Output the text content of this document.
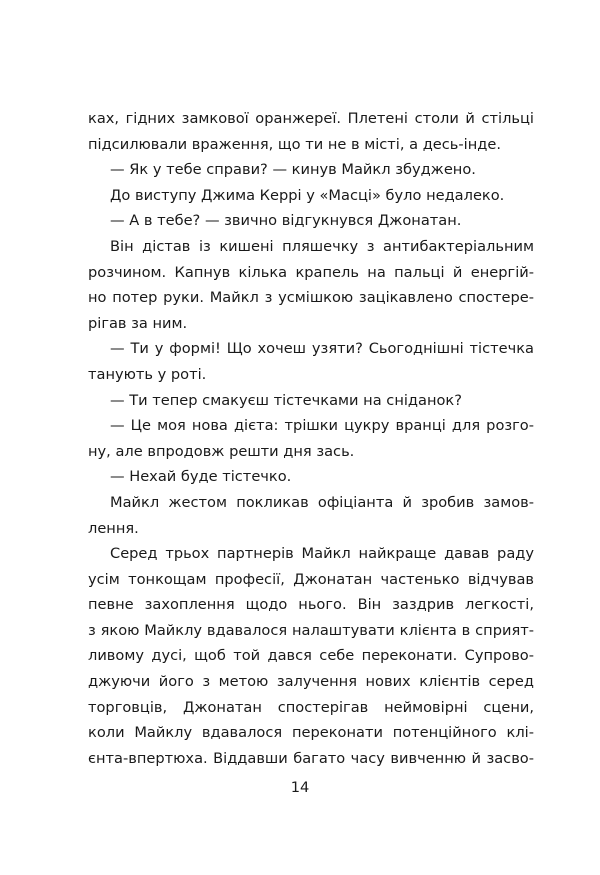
ках, гідних замкової оранжереї. Плетені столи й стільці
підсилювали враження, що ти не в місті, а десь-інде.
— Як у тебе справи? — кинув Майкл збуджено.
До виступу Джима Керрі у «Масці» було недалеко.
— А в тебе? — звично відгукнувся Джонатан.
Він дістав із кишені пляшечку з антибактеріальним
розчином. Капнув кілька крапель на пальці й енергій-
но потер руки. Майкл з усмішкою зацікавлено спостере-
рігав за ним.
— Ти у формі! Що хочеш узяти? Сьогоднішні тістечка
танують у роті.
— Ти тепер смакуєш тістечками на сніданок?
— Це моя нова дієта: трішки цукру вранці для розго-
ну, але впродовж решти дня зась.
— Нехай буде тістечко.
Майкл жестом покликав офіціанта й зробив замов-
лення.
Серед трьох партнерів Майкл найкраще давав раду
усім тонкощам професії, Джонатан частенько відчував
певне захоплення щодо нього. Він заздрив легкості,
з якою Майклу вдавалося налаштувати клієнта в сприят-
ливому дусі, щоб той дався себе переконати. Супрово-
джуючи його з метою залучення нових клієнтів серед
торговців, Джонатан спостерігав неймовірні сцени,
коли Майклу вдавалося переконати потенційного клі-
єнта-впертюха. Віддавши багато часу вивченню й засво-
14
